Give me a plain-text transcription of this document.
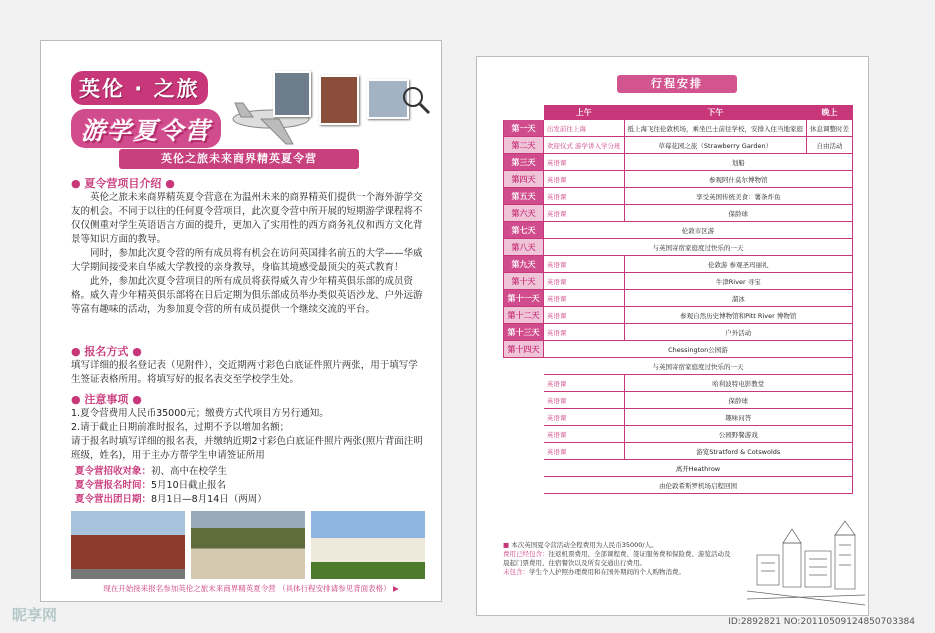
英伦 · 之旅
游学夏令营
英伦之旅未来商界精英夏令营
● 夏令营项目介绍 ●

英伦之旅未来商界精英夏令营意在为温州未来的商界精英们提供一个海外游学交友的机会。不同于以往的任何夏令营项目，此次夏令营中所开展的短期游学课程将不仅仅侧重对学生英语语言方面的提升，更加入了实用性的西方商务礼仪和西方文化背景等知识方面的教导。

同时，参加此次夏令营的所有成员将有机会在访问英国排名前五的大学——华威大学期间接受来自华威大学教授的亲身教导，身临其境感受最顶尖的英式教育！

此外，参加此次夏令营项目的所有成员将获得威久青少年精英俱乐部的成员资格。威久青少年精英俱乐部将在日后定期为俱乐部成员举办类似英语沙龙、户外远游等富有趣味的活动，为参加夏令营的所有成员提供一个继续交流的平台。

● 报名方式 ●
填写详细的报名登记表（见附件），交近期两寸彩色白底证件照片两张，用于填写学生签证表格所用。将填写好的报名表交至学校学生处。
● 注意事项 ●
1.夏令营费用人民币35000元；缴费方式代项目方另行通知。
2.请于截止日期前准时报名，过期不予以增加名额；
请于报名时填写详细的报名表，并缴纳近期2寸彩色白底证件照片两张(照片背面注明班级，姓名)，用于主办方帮学生申请签证所用
夏令营招收对象：初、高中在校学生
夏令营报名时间：5月10日截止报名
夏令营出团日期：8月1日—8月14日（两周）
现在开始接来报名参加英伦之旅未来商界精英夏令营 （具体行程安排请参见背面表格） ▶
行程安排
	上午	下午	晚上
第一天	出发前往上海	抵上海飞往伦敦机场，乘坐巴士前往学校，安排入住当地家庭	休息调整时差
第二天	欢迎仪式 游学讲入学分班	草莓花园之旅（Strawberry Garden）	自由活动
第三天	英语课	划船	
第四天	英语课	参观阿什莫尔博物馆	
第五天	英语课	享受英国传统美食：薯条炸鱼	
第六天	英语课	保龄球	
第七天	伦敦市区游		
第八天	与英国寄宿家庭度过快乐的一天		
第九天	英语课	伦敦游 参观圣玛丽礼	
第十天	英语课	牛津River 寻宝	
第十一天	英语课	溜冰	
第十二天	英语课	参观自然历史博物馆和Pitt River 博物馆	
第十三天	英语课	户外活动	
第十四天	Chessington公园游		
	与英国寄宿家庭度过快乐的一天		
	英语课	哈利波特电影教堂	
	英语课	保龄球	
	英语课	趣味问答	
	英语课	公园野餐游戏	
	英语课	游览Stratford & Cotswolds	
	离开Heathrow		
	由伦敦希斯罗机场启程回国		
■ 本次英国夏令营活动全程费用为人民币35000/人。
费用已经包含：往返机票费用、全部课程费、签证服务费和保险费、游览活动及晨起门票费用、住宿餐饮以及所有交通出行费用。
未包含：学生个人护照办理费用和在国外期间的个人购物消费。
昵享网	ID:2892821 NO:20110509124850703384
